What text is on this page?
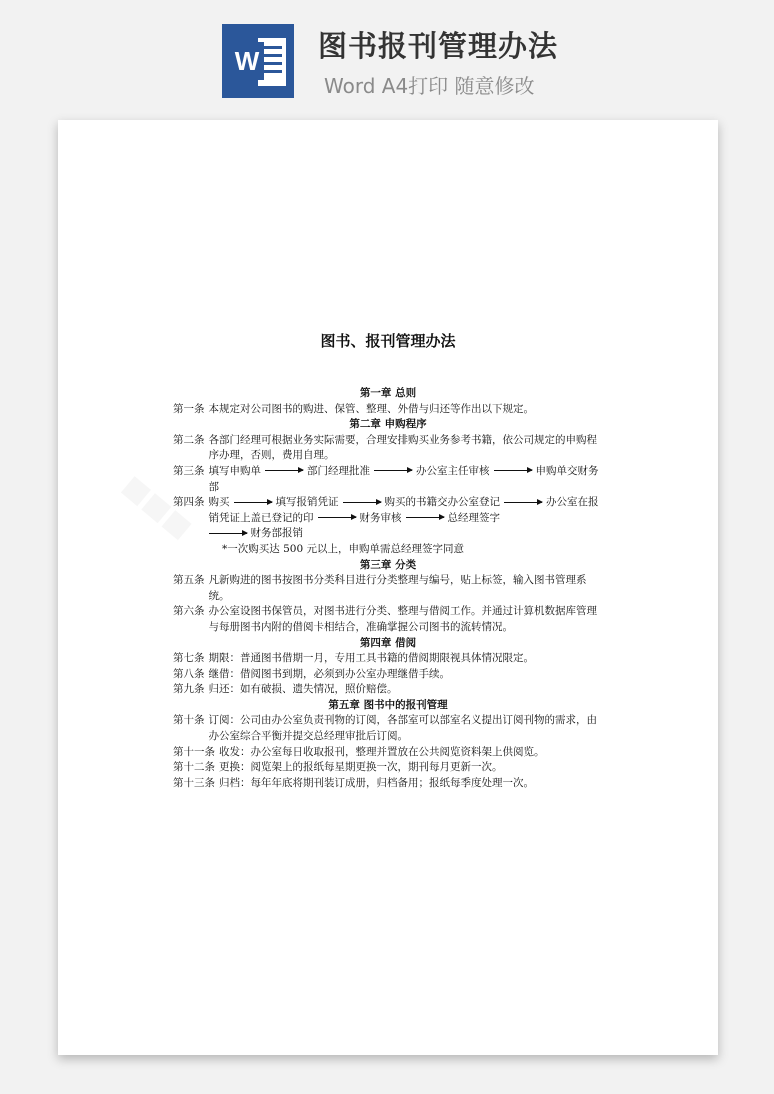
W 图书报刊管理办法
Word A4打印 随意修改
图书、报刊管理办法
第一章 总则
第一条 本规定对公司图书的购进、保管、整理、外借与归还等作出以下规定。
第二章 申购程序
第二条 各部门经理可根据业务实际需要，合理安排购买业务参考书籍，依公司规定的申购程序办理，否则，费用自理。
第三条 填写申购单	部门经理批准	办公室主任审核	申购单交财务部
第四条 购买	填写报销凭证	购买的书籍交办公室登记	办公室在报销凭证上盖已登记的印	财务审核	总经理签字
财务部报销
*一次购买达 500 元以上，申购单需总经理签字同意
第三章 分类
第五条 凡新购进的图书按图书分类科目进行分类整理与编号，贴上标签，输入图书管理系统。
第六条 办公室设图书保管员，对图书进行分类、整理与借阅工作。并通过计算机数据库管理与每册图书内附的借阅卡相结合，准确掌握公司图书的流转情况。
第四章 借阅
第七条 期限：普通图书借期一月，专用工具书籍的借阅期限视具体情况限定。
第八条 继借：借阅图书到期，必须到办公室办理继借手续。
第九条 归还：如有破损、遗失情况，照价赔偿。
第五章 图书中的报刊管理
第十条 订阅：公司由办公室负责刊物的订阅，各部室可以部室名义提出订阅刊物的需求，由办公室综合平衡并提交总经理审批后订阅。
第十一条 收发：办公室每日收取报刊，整理并置放在公共阅览资料架上供阅览。
第十二条 更换：阅览架上的报纸每星期更换一次，期刊每月更新一次。
第十三条 归档：每年年底将期刊装订成册，归档备用；报纸每季度处理一次。
